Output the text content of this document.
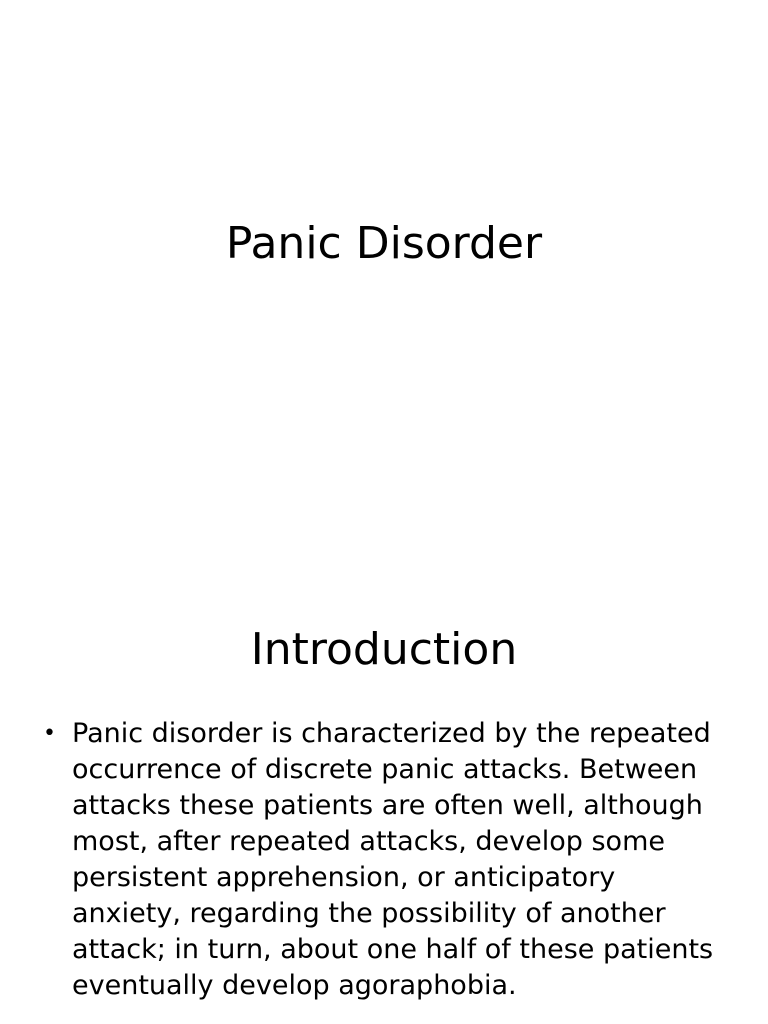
Panic Disorder
Introduction
• Panic disorder is characterized by the repeated occurrence of discrete panic attacks. Between attacks these patients are often well, although most, after repeated attacks, develop some persistent apprehension, or anticipatory anxiety, regarding the possibility of another attack; in turn, about one half of these patients eventually develop agoraphobia.
